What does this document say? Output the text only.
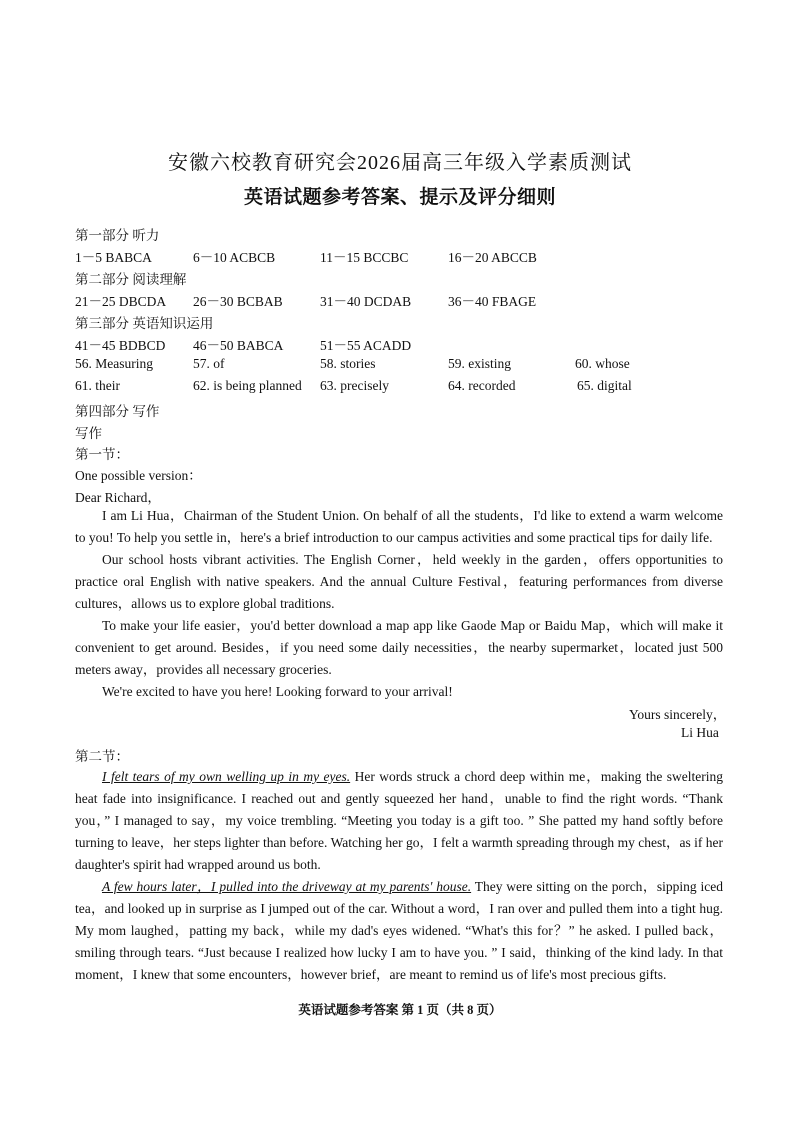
安徽六校教育研究会2026届高三年级入学素质测试
英语试题参考答案、提示及评分细则
第一部分 听力
1－5 BABCA	6－10 ACBCB	11－15 BCCBC	16－20 ABCCB
第二部分 阅读理解
21－25 DBCDA 26－30 BCBAB	31－40 DCDAB	36－40 FBAGE
第三部分 英语知识运用
41－45 BDBCD 46－50 BABCA	51－55 ACADD
56. Measuring	57. of	58. stories	59. existing	60. whose
61. their	62. is being planned 63. precisely	64. recorded	65. digital
第四部分 写作
写作
第一节：
One possible version：
Dear Richard，

I am Li Hua，Chairman of the Student Union. On behalf of all the students，I'd like to extend a warm welcome to you! To help you settle in，here's a brief introduction to our campus activities and some practical tips for daily life.

Our school hosts vibrant activities. The English Corner，held weekly in the garden，offers opportunities to practice oral English with native speakers. And the annual Culture Festival，featuring performances from diverse cultures，allows us to explore global traditions.

To make your life easier，you'd better download a map app like Gaode Map or Baidu Map，which will make it convenient to get around. Besides，if you need some daily necessities，the nearby supermarket，located just 500 meters away，provides all necessary groceries.

We're excited to have you here! Looking forward to your arrival!

Yours sincerely，
Li Hua
第二节：

I felt tears of my own welling up in my eyes. Her words struck a chord deep within me，making the sweltering heat fade into insignificance. I reached out and gently squeezed her hand，unable to find the right words. “Thank you，” I managed to say，my voice trembling. “Meeting you today is a gift too. ” She patted my hand softly before turning to leave，her steps lighter than before. Watching her go，I felt a warmth spreading through my chest，as if her daughter's spirit had wrapped around us both.

A few hours later，I pulled into the driveway at my parents' house. They were sitting on the porch，sipping iced tea，and looked up in surprise as I jumped out of the car. Without a word，I ran over and pulled them into a tight hug. My mom laughed，patting my back，while my dad's eyes widened. “What's this for？” he asked. I pulled back，smiling through tears. “Just because I realized how lucky I am to have you. ” I said，thinking of the kind lady. In that moment，I knew that some encounters，however brief，are meant to remind us of life's most precious gifts.

英语试题参考答案 第 1 页（共 8 页）
